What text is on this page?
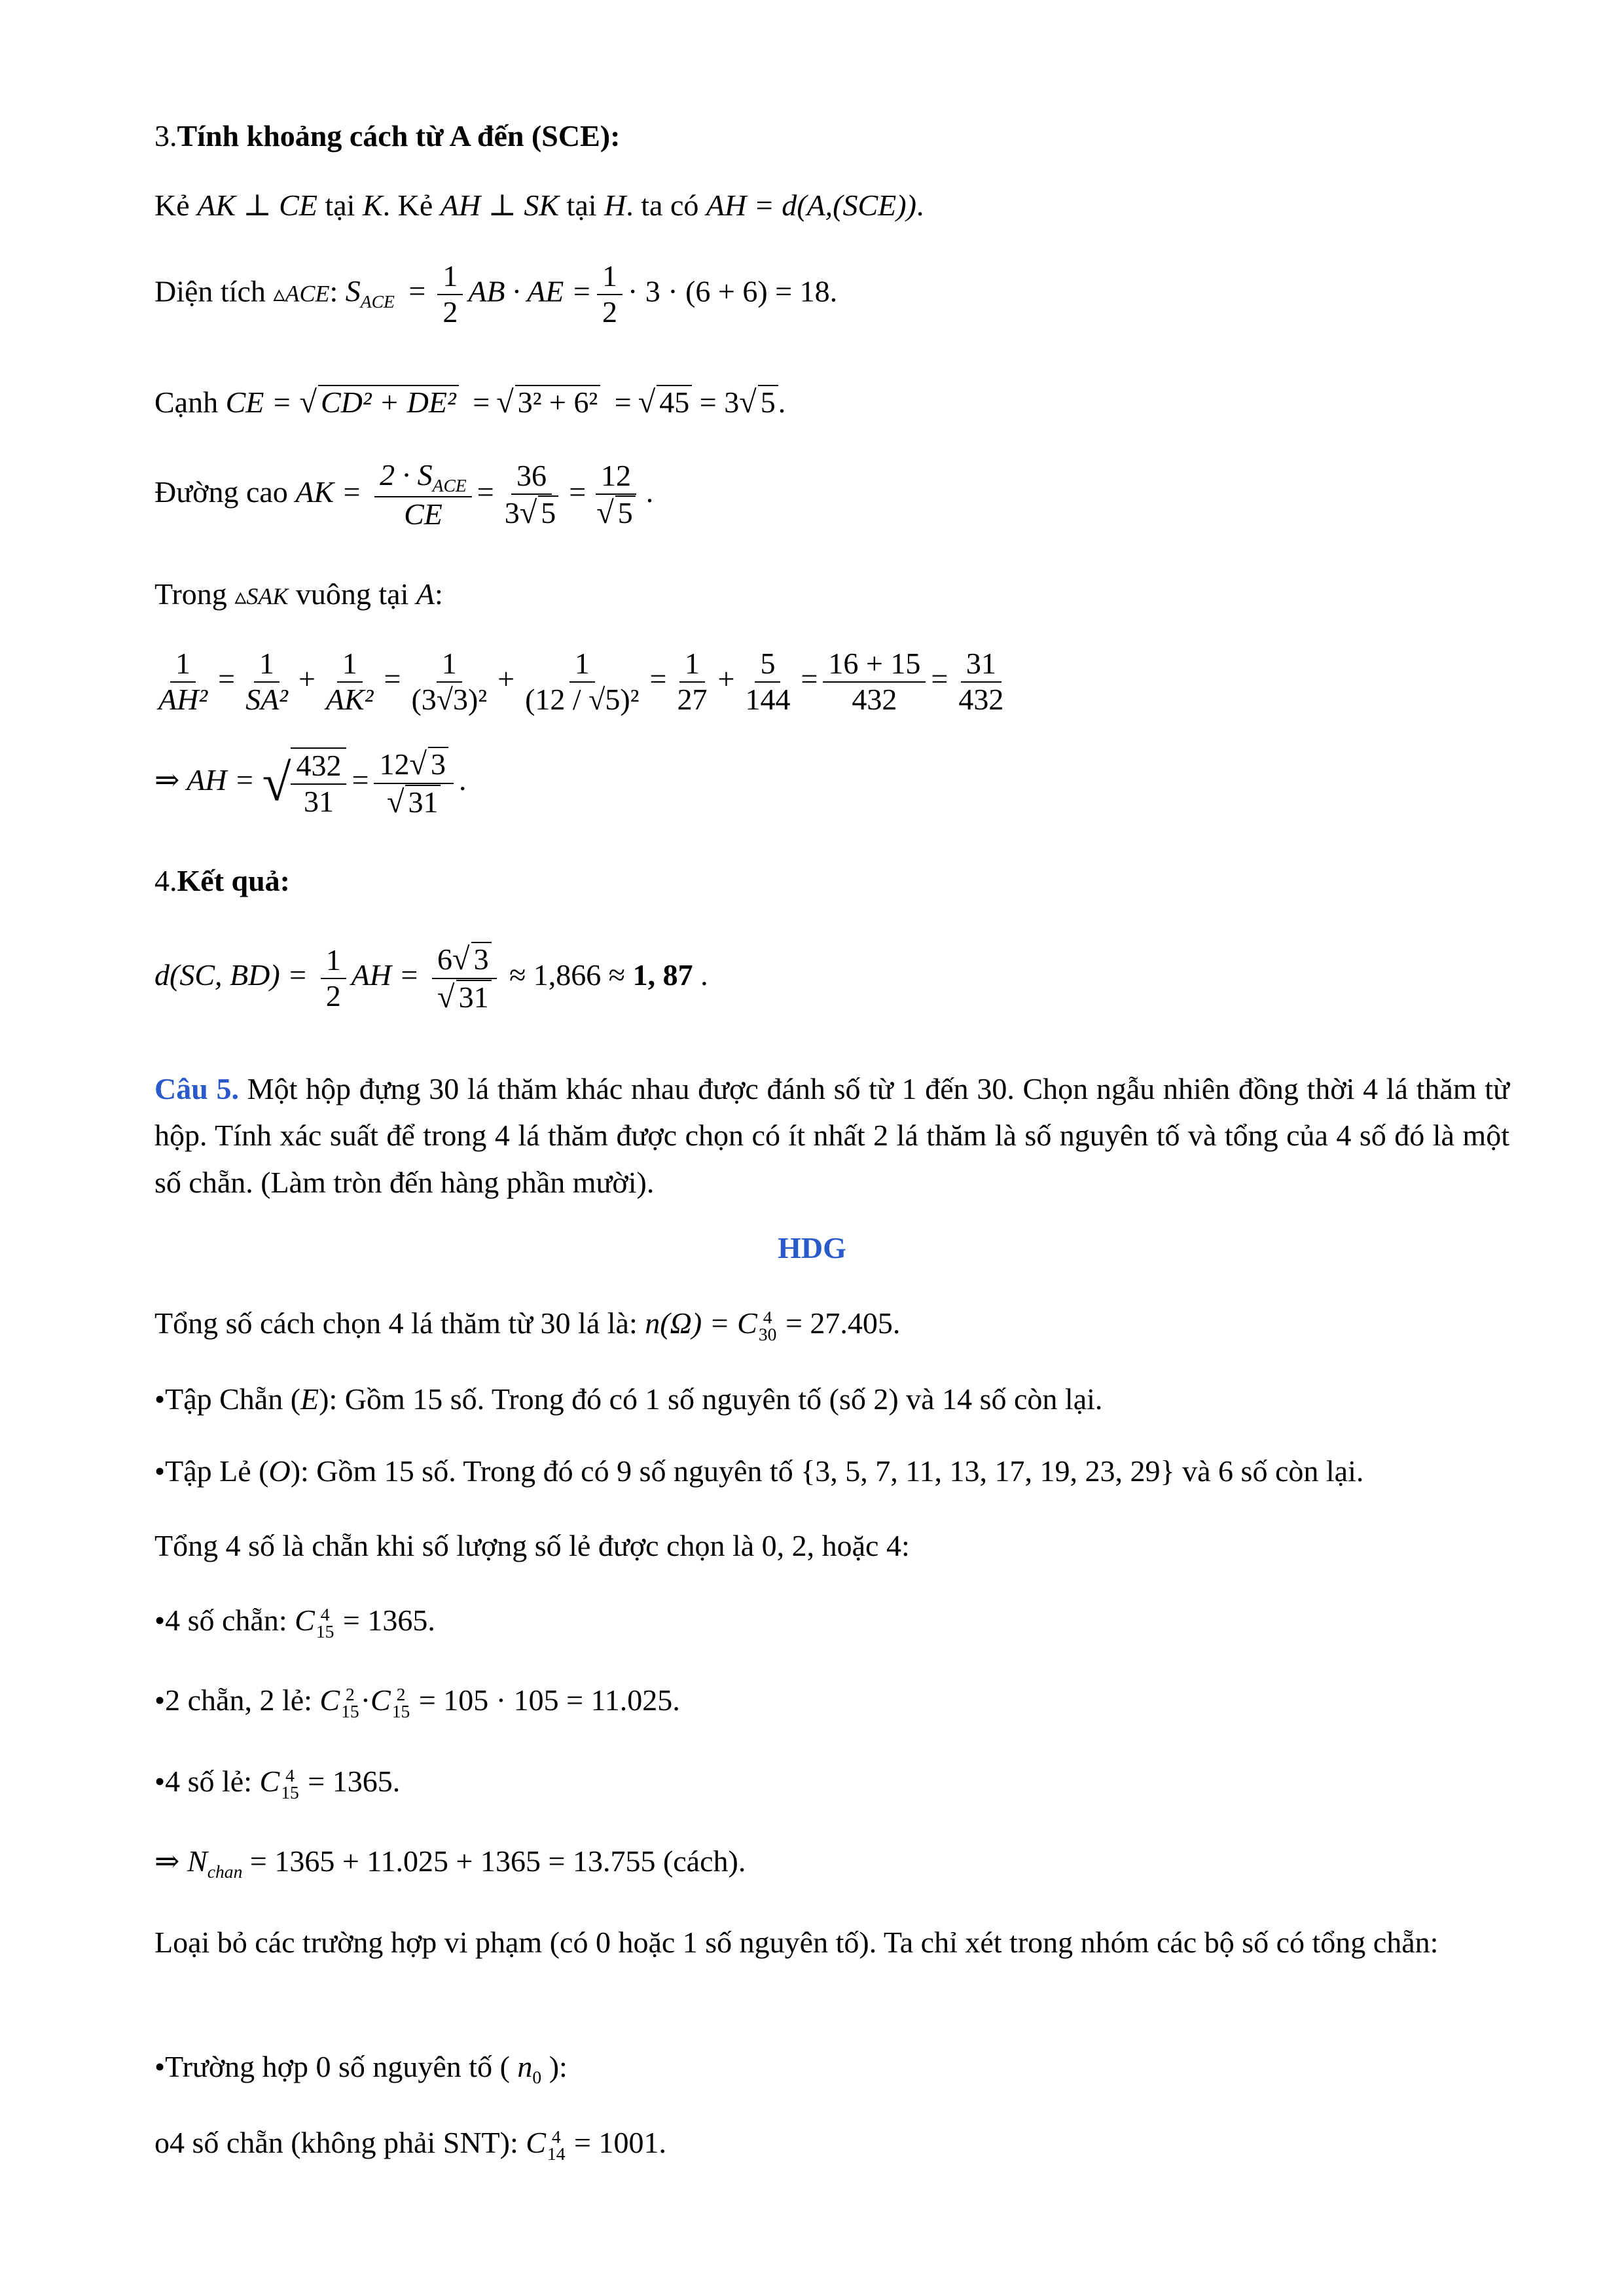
3.Tính khoảng cách từ A đến (SCE):
Kẻ AK ⊥ CE tại K. Kẻ AH ⊥ SK tại H. ta có AH = d(A,(SCE)).
Diện tích ▵ACE: $S_{ACE} = \frac{1}{2}$ AB · AE = $\frac{1}{2} \cdot 3 \cdot (6 + 6) = 18$.
Cạnh CE = √ CD² + DE² = √ 3² + 6² = √ 45 = 3√ 5.
Đường cao AK = $\frac{2 \cdot S_{ACE}}{CE} = \frac{36}{3√ 5} = \frac{12}{√ 5}$ .
Trong ▵SAK vuông tại A:
$\frac{1}{\text{AH²}} = \frac{1}{\text{SA²}} + \frac{1}{\text{AK²}} = \frac{1}{\text{(3√3)²}} + \frac{1}{\text{(12 / √5)²}} = \frac{1}{27} + \frac{5}{144} = \frac{16 + 15}{432} = \frac{31}{432}$
⇒ AH = √ $\frac{432}{31} = \frac{12√ 3}{√ 31}$ .
4.Kết quả:
d(SC, $BD) = \frac{1}{2}$ AH = $\frac{6√ 3}{√ 31} \approx 1,866 \approx 1$, 87 .
Câu 5. Một hộp đựng 30 lá thăm khác nhau được đánh số từ 1 đến 30. Chọn ngẫu nhiên đồng thời 4 lá thăm từ hộp. Tính xác suất để trong 4 lá thăm được chọn có ít nhất 2 lá thăm là số nguyên tố và tổng của 4 số đó là một số chẵn. (Làm tròn đến hàng phần mười).
HDG
Tổng số cách chọn 4 lá thăm từ 30 lá là: n(Ω) = C 4
30 = 27.405.
•Tập Chẵn (E): Gồm 15 số. Trong đó có 1 số nguyên tố (số 2) và 14 số còn lại.
•Tập Lẻ (O): Gồm 15 số. Trong đó có 9 số nguyên tố {3, 5, 7, 11, 13, 17, 19, 23, 29} và 6 số còn lại.
Tổng 4 số là chẵn khi số lượng số lẻ được chọn là 0, 2, hoặc 4:
•4 số chẵn: C 4
15 = 1365.
•2 chẵn, 2 lẻ: C 2
15 ·C 2
15 = 105 · 105 = 11.025.
•4 số lẻ: C 4
15 = 1365.
⇒ $N_{chan} = 1365 + 11.025 + 1365 = 13.755$ (cách).
Loại bỏ các trường hợp vi phạm (có 0 hoặc 1 số nguyên tố). Ta chỉ xét trong nhóm các bộ số có tổng chẵn:
•Trường hợp 0 số nguyên tố ( $n_0$ ):
o4 số chẵn (không phải SNT): C 4
14 = 1001.
